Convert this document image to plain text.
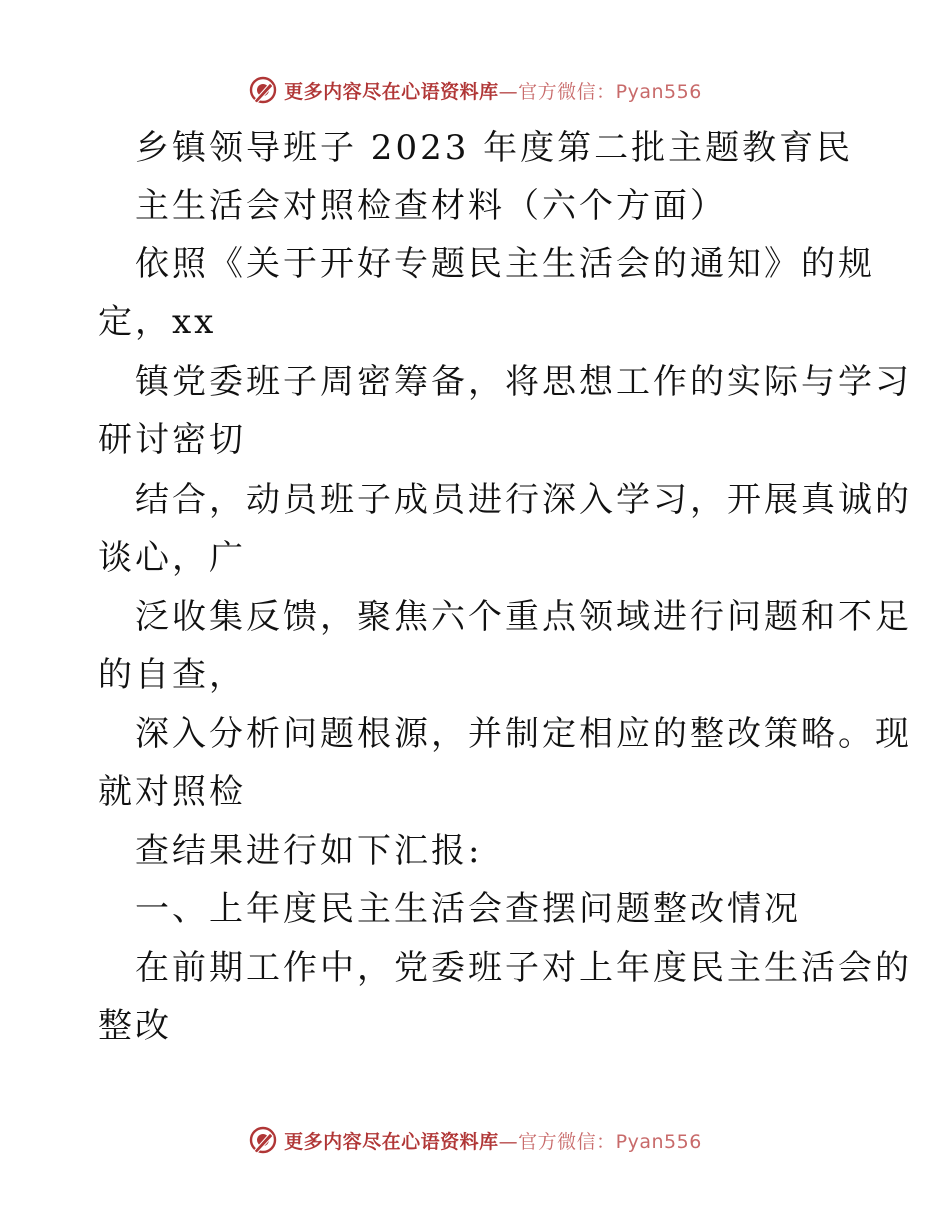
更多内容尽在心语资料库—官方微信：Pyan556
乡镇领导班子 2023 年度第二批主题教育民
主生活会对照检查材料（六个方面）
依照《关于开好专题民主生活会的通知》的规
定，xx
镇党委班子周密筹备，将思想工作的实际与学习
研讨密切
结合，动员班子成员进行深入学习，开展真诚的
谈心，广
泛收集反馈，聚焦六个重点领域进行问题和不足
的自查，
深入分析问题根源，并制定相应的整改策略。现
就对照检
查结果进行如下汇报:
一、上年度民主生活会查摆问题整改情况
在前期工作中，党委班子对上年度民主生活会的
整改
更多内容尽在心语资料库—官方微信：Pyan556
